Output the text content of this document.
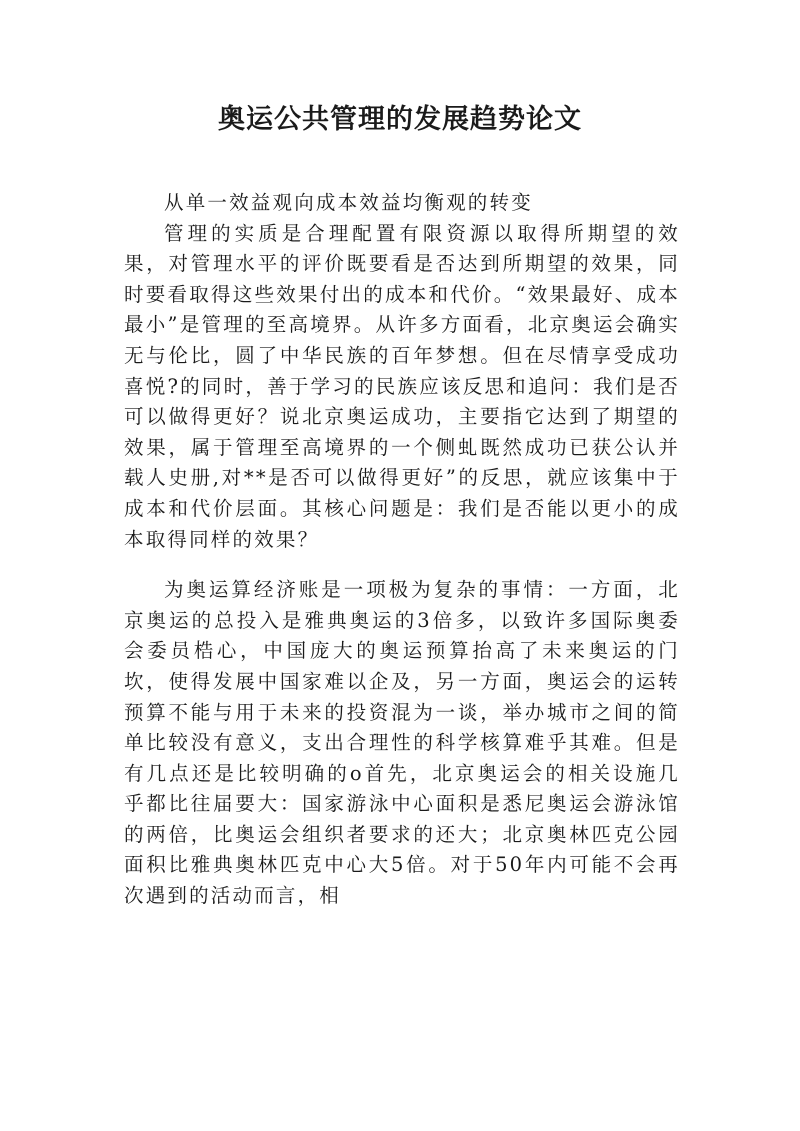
奥运公共管理的发展趋势论文

从单一效益观向成本效益均衡观的转变

管理的实质是合理配置有限资源以取得所期望的效果，对管理水平的评价既要看是否达到所期望的效果，同时要看取得这些效果付出的成本和代价。“效果最好、成本最小”是管理的至高境界。从许多方面看，北京奥运会确实无与伦比，圆了中华民族的百年梦想。但在尽情享受成功喜悦?的同时，善于学习的民族应该反思和追问：我们是否可以做得更好？说北京奥运成功，主要指它达到了期望的效果，属于管理至高境界的一个侧虬既然成功已获公认并载人史册,对**是否可以做得更好”的反思，就应该集中于成本和代价层面。其核心问题是：我们是否能以更小的成本取得同样的效果？

为奥运算经济账是一项极为复杂的事情：一方面，北京奥运的总投入是雅典奥运的3倍多，以致许多国际奥委会委员梏心，中国庞大的奥运预算抬高了未来奥运的门坎，使得发展中国家难以企及，另一方面，奥运会的运转预算不能与用于未来的投资混为一谈，举办城市之间的简单比较没有意义，支出合理性的科学核算难乎其难。但是有几点还是比较明确的o首先，北京奥运会的相关设施几乎都比往届要大：国家游泳中心面积是悉尼奥运会游泳馆的两倍，比奥运会组织者要求的还大；北京奥林匹克公园面积比雅典奥林匹克中心大5倍。对于50年内可能不会再次遇到的活动而言，相
